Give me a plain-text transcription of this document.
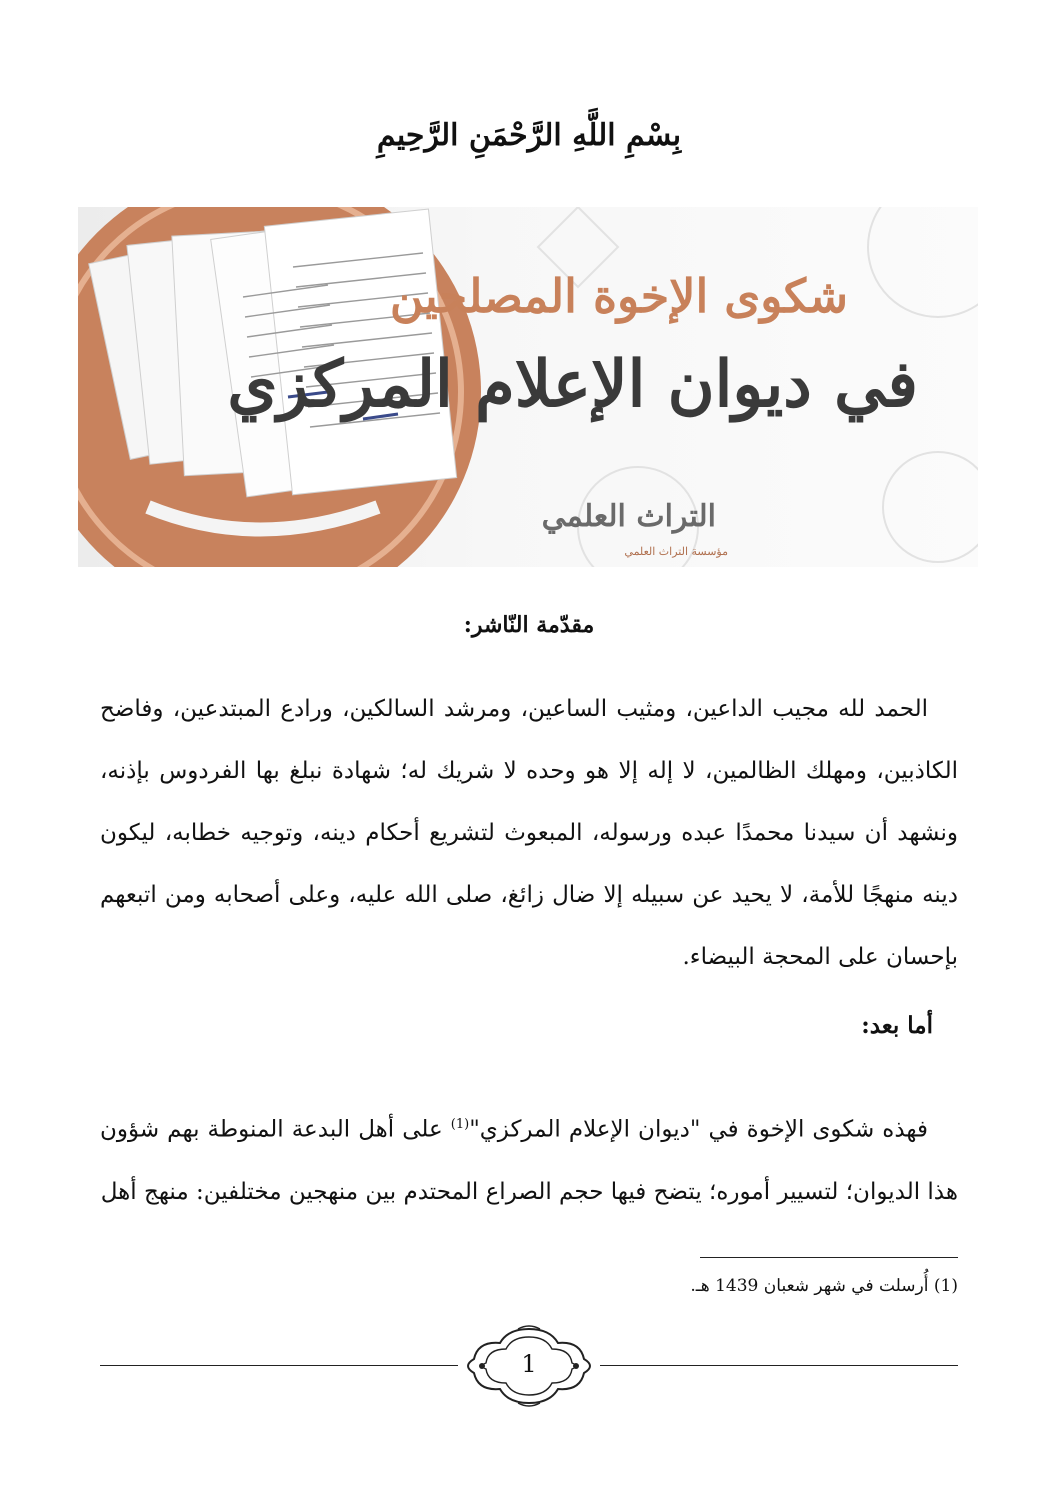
بِسْمِ اللَّهِ الرَّحْمَنِ الرَّحِيمِ
شكوى الإخوة المصلحين
في ديوان الإعلام المركزي
التراث العلمي
مؤسسة التراث العلمي
مقدّمة النّاشر:
الحمد لله مجيب الداعين، ومثيب الساعين، ومرشد السالكين، ورادع المبتدعين، وفاضح الكاذبين، ومهلك الظالمين، لا إله إلا هو وحده لا شريك له؛ شهادة نبلغ بها الفردوس بإذنه، ونشهد أن سيدنا محمدًا عبده ورسوله، المبعوث لتشريع أحكام دينه، وتوجيه خطابه، ليكون دينه منهجًا للأمة، لا يحيد عن سبيله إلا ضال زائغ، صلى الله عليه، وعلى أصحابه ومن اتبعهم بإحسان على المحجة البيضاء.
أما بعد:
فهذه شكوى الإخوة في "ديوان الإعلام المركزي"$^{(1)}$ على أهل البدعة المنوطة بهم شؤون هذا الديوان؛ لتسيير أموره؛ يتضح فيها حجم الصراع المحتدم بين منهجين مختلفين: منهج أهل
(1) أُرسلت في شهر شعبان 1439 هـ.
1
